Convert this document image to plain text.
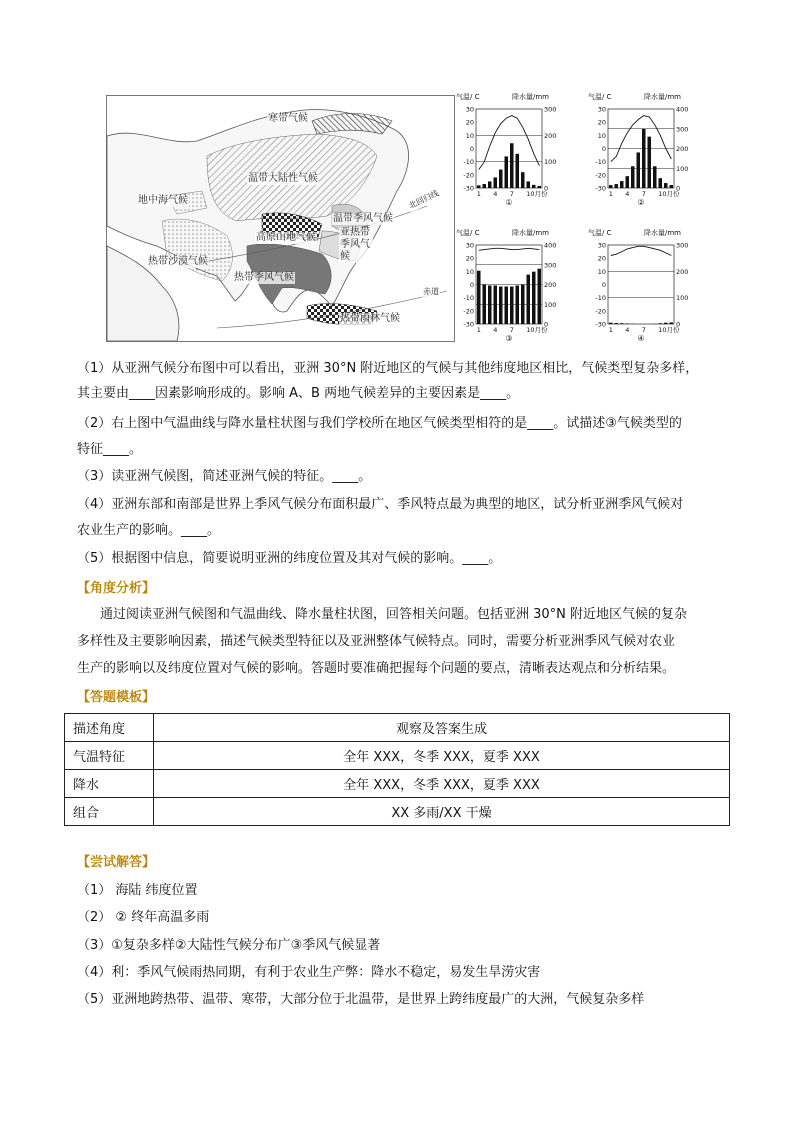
寒带气候
温带大陆性气候
地中海气候
温带季风气候
亚热带季风气候
高原山地气候
热带沙漠气候
热带季风气候
热带雨林气候
北回归线
赤道
气温/ C	降水量/mm
30
20
10
0
-10
-20
-30
300
200
100
0
1 4 7 10月份
①
气温/ C	降水量/mm
30
20
10
0
-10
-20
-30
400
300
200
100
0
1 4 7 10月份
②
气温/ C	降水量/mm
30
20
10
0
-10
-20
-30
400
300
200
100
0
1 4 7 10月份
③
气温/ C	降水量/mm
30
20
10
0
-10
-20
-30
300
200
100
0
1 4 7 10月份
④
（1）从亚洲气候分布图中可以看出，亚洲 30°N 附近地区的气候与其他纬度地区相比，气候类型复杂多样，
其主要由____因素影响形成的。影响 A、B 两地气候差异的主要因素是____。
（2）右上图中气温曲线与降水量柱状图与我们学校所在地区气候类型相符的是____。试描述③气候类型的
特征____。
（3）读亚洲气候图，简述亚洲气候的特征。____。
（4）亚洲东部和南部是世界上季风气候分布面积最广、季风特点最为典型的地区，试分析亚洲季风气候对
农业生产的影响。____。
（5）根据图中信息，简要说明亚洲的纬度位置及其对气候的影响。____。
【角度分析】
通过阅读亚洲气候图和气温曲线、降水量柱状图，回答相关问题。包括亚洲 30°N 附近地区气候的复杂
多样性及主要影响因素，描述气候类型特征以及亚洲整体气候特点。同时，需要分析亚洲季风气候对农业
生产的影响以及纬度位置对气候的影响。答题时要准确把握每个问题的要点，清晰表达观点和分析结果。
【答题模板】
描述角度	观察及答案生成
气温特征	全年 XXX，冬季 XXX，夏季 XXX
降水	全年 XXX，冬季 XXX，夏季 XXX
组合	XX 多雨/XX 干燥
【尝试解答】
（1） 海陆 纬度位置
（2） ② 终年高温多雨
（3）①复杂多样②大陆性气候分布广③季风气候显著
（4）利：季风气候雨热同期，有利于农业生产弊：降水不稳定，易发生旱涝灾害
（5）亚洲地跨热带、温带、寒带，大部分位于北温带，是世界上跨纬度最广的大洲，气候复杂多样
